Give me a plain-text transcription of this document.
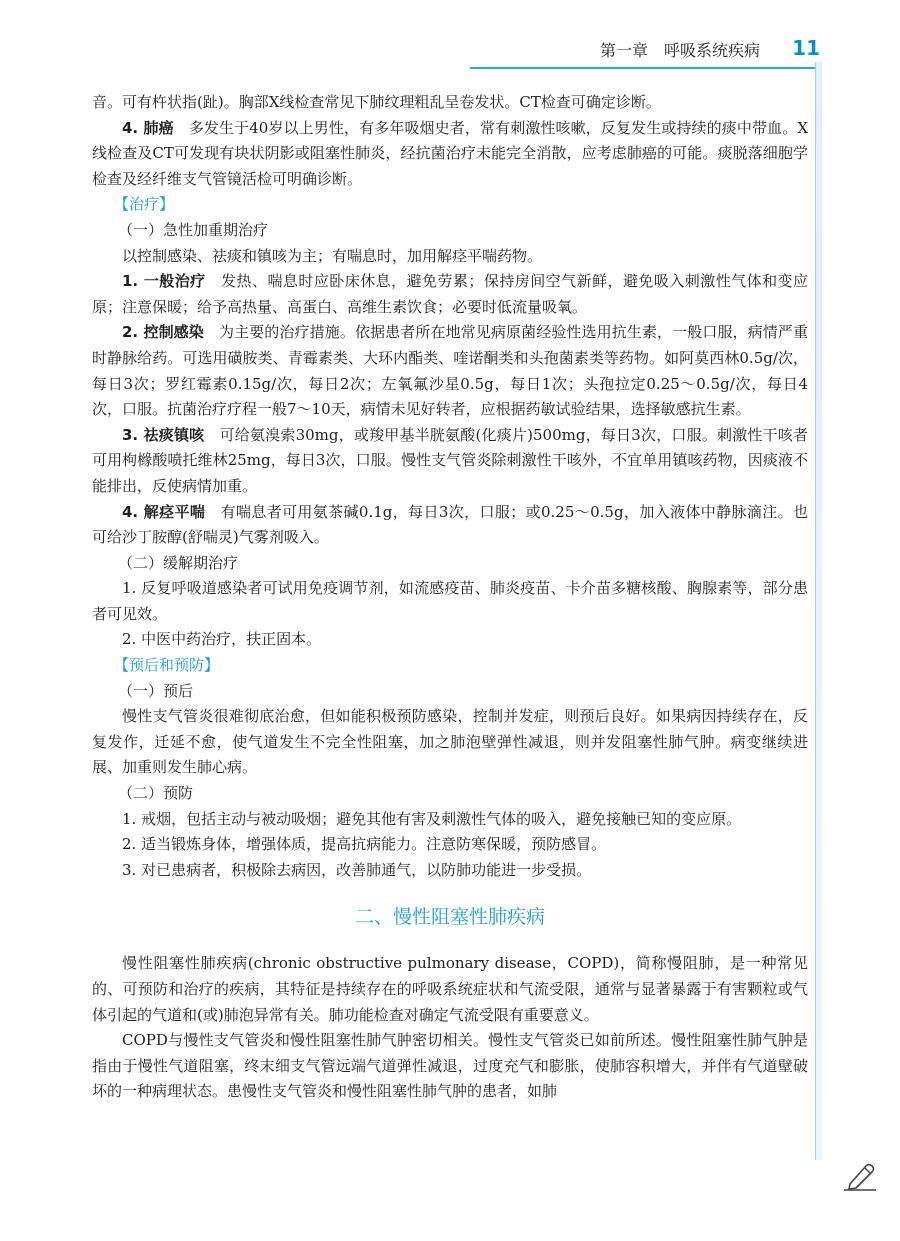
第一章　呼吸系统疾病 11

音。可有杵状指(趾)。胸部X线检查常见下肺纹理粗乱呈卷发状。CT检查可确定诊断。

4. 肺癌　多发生于40岁以上男性，有多年吸烟史者，常有刺激性咳嗽，反复发生或持续的痰中带血。X线检查及CT可发现有块状阴影或阻塞性肺炎，经抗菌治疗未能完全消散，应考虑肺癌的可能。痰脱落细胞学检查及经纤维支气管镜活检可明确诊断。

【治疗】
（一）急性加重期治疗

以控制感染、祛痰和镇咳为主；有喘息时，加用解痉平喘药物。

1. 一般治疗　发热、喘息时应卧床休息，避免劳累；保持房间空气新鲜，避免吸入刺激性气体和变应原；注意保暖；给予高热量、高蛋白、高维生素饮食；必要时低流量吸氧。

2. 控制感染　为主要的治疗措施。依据患者所在地常见病原菌经验性选用抗生素，一般口服，病情严重时静脉给药。可选用磺胺类、青霉素类、大环内酯类、喹诺酮类和头孢菌素类等药物。如阿莫西林0.5g/次，每日3次；罗红霉素0.15g/次，每日2次；左氧氟沙星0.5g，每日1次；头孢拉定0.25～0.5g/次，每日4次，口服。抗菌治疗疗程一般7～10天，病情未见好转者，应根据药敏试验结果，选择敏感抗生素。

3. 祛痰镇咳　可给氨溴索30mg，或羧甲基半胱氨酸(化痰片)500mg，每日3次，口服。刺激性干咳者可用枸橼酸喷托维林25mg，每日3次，口服。慢性支气管炎除刺激性干咳外，不宜单用镇咳药物，因痰液不能排出，反使病情加重。

4. 解痉平喘　有喘息者可用氨茶碱0.1g，每日3次，口服；或0.25～0.5g，加入液体中静脉滴注。也可给沙丁胺醇(舒喘灵)气雾剂吸入。

（二）缓解期治疗

1. 反复呼吸道感染者可试用免疫调节剂，如流感疫苗、肺炎疫苗、卡介苗多糖核酸、胸腺素等，部分患者可见效。

2. 中医中药治疗，扶正固本。

【预后和预防】
（一）预后

慢性支气管炎很难彻底治愈，但如能积极预防感染，控制并发症，则预后良好。如果病因持续存在，反复发作，迁延不愈，使气道发生不完全性阻塞，加之肺泡壁弹性减退，则并发阻塞性肺气肿。病变继续进展、加重则发生肺心病。

（二）预防

1. 戒烟，包括主动与被动吸烟；避免其他有害及刺激性气体的吸入，避免接触已知的变应原。

2. 适当锻炼身体，增强体质，提高抗病能力。注意防寒保暖，预防感冒。

3. 对已患病者，积极除去病因，改善肺通气，以防肺功能进一步受损。

二、慢性阻塞性肺疾病

慢性阻塞性肺疾病(chronic obstructive pulmonary disease，COPD)，简称慢阻肺，是一种常见的、可预防和治疗的疾病，其特征是持续存在的呼吸系统症状和气流受限，通常与显著暴露于有害颗粒或气体引起的气道和(或)肺泡异常有关。肺功能检查对确定气流受限有重要意义。

COPD与慢性支气管炎和慢性阻塞性肺气肿密切相关。慢性支气管炎已如前所述。慢性阻塞性肺气肿是指由于慢性气道阻塞，终末细支气管远端气道弹性减退，过度充气和膨胀，使肺容积增大，并伴有气道壁破坏的一种病理状态。患慢性支气管炎和慢性阻塞性肺气肿的患者，如肺
